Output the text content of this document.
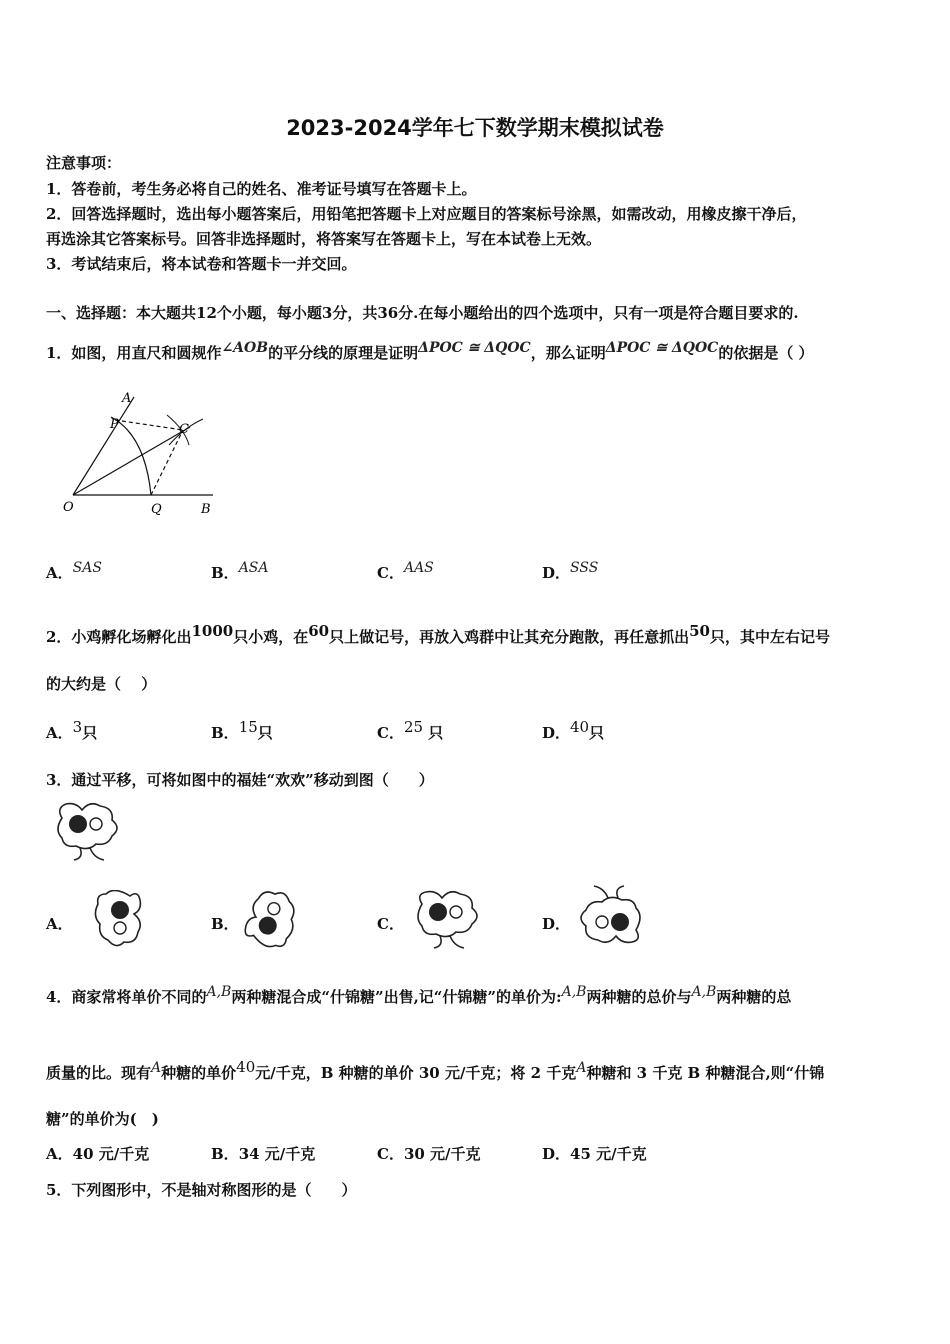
2023-2024学年七下数学期末模拟试卷
注意事项：
1．答卷前，考生务必将自己的姓名、准考证号填写在答题卡上。
2．回答选择题时，选出每小题答案后，用铅笔把答题卡上对应题目的答案标号涂黑，如需改动，用橡皮擦干净后，
再选涂其它答案标号。回答非选择题时，将答案写在答题卡上，写在本试卷上无效。
3．考试结束后，将本试卷和答题卡一并交回。
一、选择题：本大题共12个小题，每小题3分，共36分.在每小题给出的四个选项中，只有一项是符合题目要求的.
1．如图，用直尺和圆规作∠AOB的平分线的原理是证明ΔPOC ≅ ΔQOC，那么证明ΔPOC ≅ ΔQOC的依据是（ ）
A
P	C
O	Q	B
A．SAS	B．ASA	C．AAS	D．SSS
2．小鸡孵化场孵化出1000只小鸡，在60只上做记号，再放入鸡群中让其充分跑散，再任意抓出50只，其中左右记号
的大约是（　 ）
A．3只	B．15只	C．25 只	D．40只
3．通过平移，可将如图中的福娃“欢欢”移动到图（　　）
A．	B．	C．	D．
4．商家常将单价不同的A,B两种糖混合成“什锦糖”出售,记“什锦糖”的单价为:A,B两种糖的总价与A,B两种糖的总
质量的比。现有A种糖的单价40元/千克，B 种糖的单价 30 元/千克；将 2 千克A种糖和 3 千克 B 种糖混合,则“什锦
糖”的单价为(　)
A．40 元/千克	B．34 元/千克	C．30 元/千克	D．45 元/千克
5．下列图形中，不是轴对称图形的是（　　）
